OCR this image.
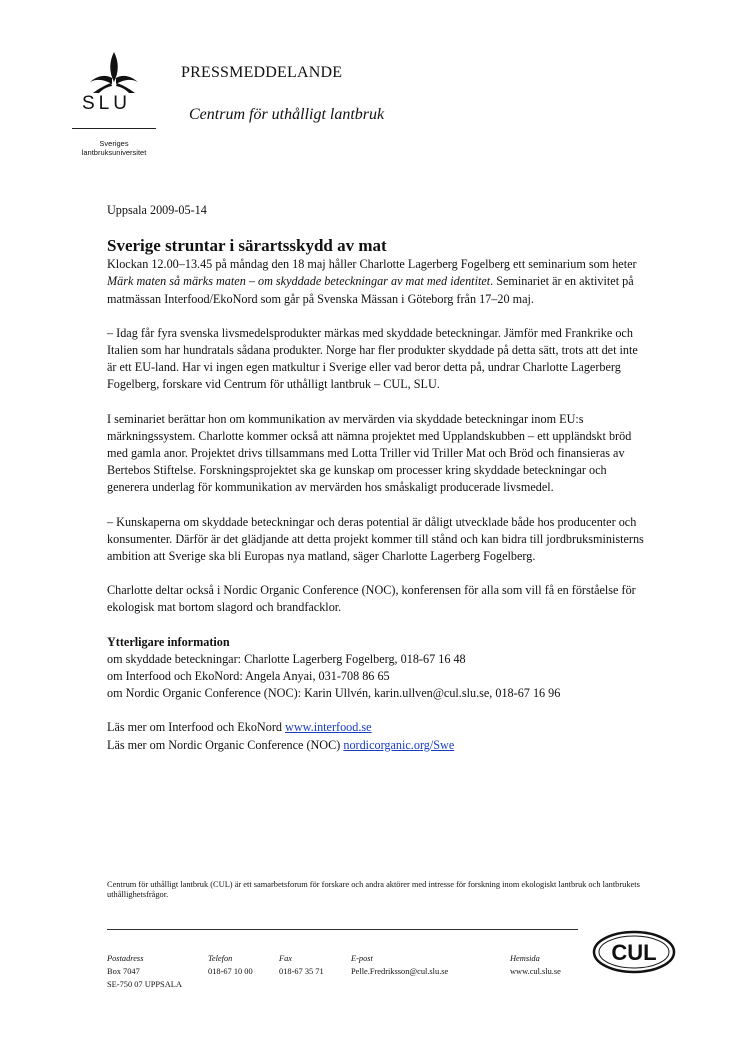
SLU
Sveriges
lantbruksuniversitet
PRESSMEDDELANDE
Centrum för uthålligt lantbruk

Uppsala 2009-05-14

Sverige struntar i särartsskydd av mat

Klockan 12.00–13.45 på måndag den 18 maj håller Charlotte Lagerberg Fogelberg ett seminarium som heter Märk maten så märks maten – om skyddade beteckningar av mat med identitet. Seminariet är en aktivitet på matmässan Interfood/EkoNord som går på Svenska Mässan i Göteborg från 17–20 maj.

– Idag får fyra svenska livsmedelsprodukter märkas med skyddade beteckningar. Jämför med Frankrike och Italien som har hundratals sådana produkter. Norge har fler produkter skyddade på detta sätt, trots att det inte är ett EU-land. Har vi ingen egen matkultur i Sverige eller vad beror detta på, undrar Charlotte Lagerberg Fogelberg, forskare vid Centrum för uthålligt lantbruk – CUL, SLU.

I seminariet berättar hon om kommunikation av mervärden via skyddade beteckningar inom EU:s märkningssystem. Charlotte kommer också att nämna projektet med Upplandskubben – ett uppländskt bröd med gamla anor. Projektet drivs tillsammans med Lotta Triller vid Triller Mat och Bröd och finansieras av Bertebos Stiftelse. Forskningsprojektet ska ge kunskap om processer kring skyddade beteckningar och generera underlag för kommunikation av mervärden hos småskaligt producerade livsmedel.

– Kunskaperna om skyddade beteckningar och deras potential är dåligt utvecklade både hos producenter och konsumenter. Därför är det glädjande att detta projekt kommer till stånd och kan bidra till jordbruksministerns ambition att Sverige ska bli Europas nya matland, säger Charlotte Lagerberg Fogelberg.

Charlotte deltar också i Nordic Organic Conference (NOC), konferensen för alla som vill få en förståelse för ekologisk mat bortom slagord och brandfacklor.

Ytterligare information

om skyddade beteckningar: Charlotte Lagerberg Fogelberg, 018-67 16 48

om Interfood och EkoNord: Angela Anyai, 031-708 86 65

om Nordic Organic Conference (NOC): Karin Ullvén, karin.ullven@cul.slu.se, 018-67 16 96

Läs mer om Interfood och EkoNord www.interfood.se

Läs mer om Nordic Organic Conference (NOC) nordicorganic.org/Swe

Centrum för uthålligt lantbruk (CUL) är ett samarbetsforum för forskare och andra aktörer med intresse för forskning inom ekologiskt lantbruk och lantbrukets uthållighetsfrågor.
Postadress
Box 7047
SE-750 07 UPPSALA
Telefon
018-67 10 00
Fax
018-67 35 71
E-post
Pelle.Fredriksson@cul.slu.se
Hemsida
www.cul.slu.se
CUL
